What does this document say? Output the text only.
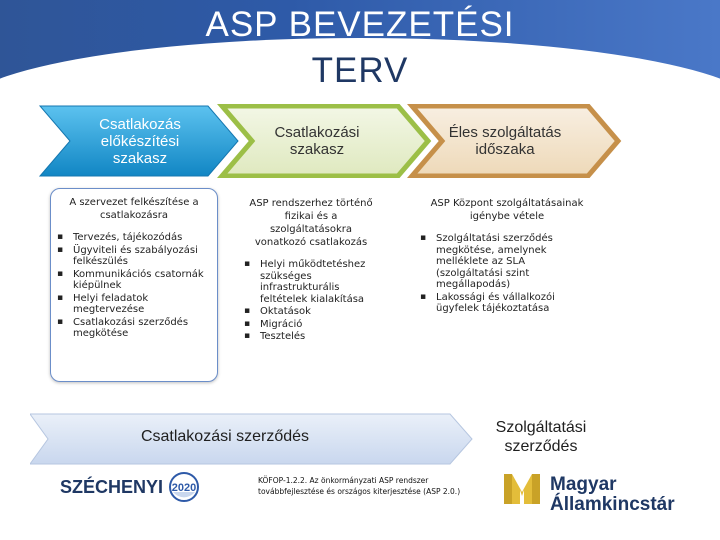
ASP BEVEZETÉSI
TERV
Csatlakozás
előkészítési
szakasz
Csatlakozási
szakasz
Éles szolgáltatás
időszaka
A szervezet felkészítése a csatlakozásra
▪ Tervezés, tájékozódás
▪ Ügyviteli és szabályozási felkészülés
▪ Kommunikációs csatornák kiépülnek
▪ Helyi feladatok megtervezése
▪ Csatlakozási szerződés megkötése
ASP rendszerhez történő fizikai és a szolgáltatásokra vonatkozó csatlakozás
▪ Helyi működtetéshez szükséges infrastrukturális feltételek kialakítása
▪ Oktatások
▪ Migráció
▪ Tesztelés
ASP Központ szolgáltatásainak igénybe vétele
▪ Szolgáltatási szerződés megkötése, amelynek melléklete az SLA (szolgáltatási szint megállapodás)
▪ Lakossági és vállalkozói ügyfelek tájékoztatása
Csatlakozási szerződés
Szolgáltatási
szerződés
KÖFOP-1.2.2. Az önkormányzati ASP rendszer
továbbfejlesztése és országos kiterjesztése (ASP 2.0.)
SZÉCHENYI 2020	Magyar
Államkincstár
